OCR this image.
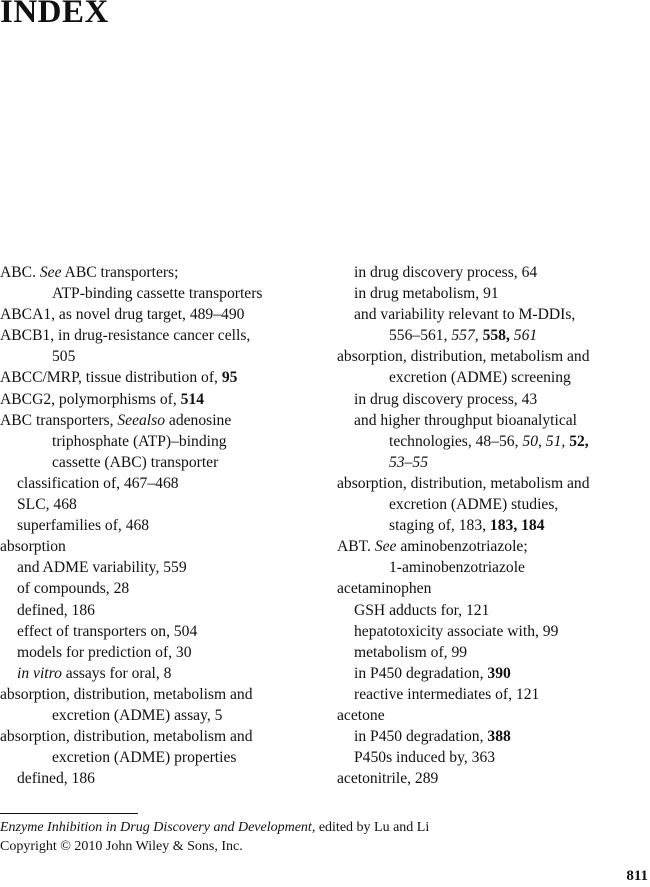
INDEX
ABC. See ABC transporters;
ATP-binding cassette transporters
ABCA1, as novel drug target, 489–490
ABCB1, in drug-resistance cancer cells,
505
ABCC/MRP, tissue distribution of, 95
ABCG2, polymorphisms of, 514
ABC transporters, Seealso adenosine
triphosphate (ATP)–binding
cassette (ABC) transporter
classification of, 467–468
SLC, 468
superfamilies of, 468
absorption
and ADME variability, 559
of compounds, 28
defined, 186
effect of transporters on, 504
models for prediction of, 30
in vitro assays for oral, 8
absorption, distribution, metabolism and
excretion (ADME) assay, 5
absorption, distribution, metabolism and
excretion (ADME) properties
defined, 186
in drug discovery process, 64
in drug metabolism, 91
and variability relevant to M-DDIs,
556–561, 557, 558, 561
absorption, distribution, metabolism and
excretion (ADME) screening
in drug discovery process, 43
and higher throughput bioanalytical
technologies, 48–56, 50, 51, 52,
53–55
absorption, distribution, metabolism and
excretion (ADME) studies,
staging of, 183, 183, 184
ABT. See aminobenzotriazole;
1-aminobenzotriazole
acetaminophen
GSH adducts for, 121
hepatotoxicity associate with, 99
metabolism of, 99
in P450 degradation, 390
reactive intermediates of, 121
acetone
in P450 degradation, 388
P450s induced by, 363
acetonitrile, 289
Enzyme Inhibition in Drug Discovery and Development, edited by Lu and Li
Copyright © 2010 John Wiley & Sons, Inc.
811
